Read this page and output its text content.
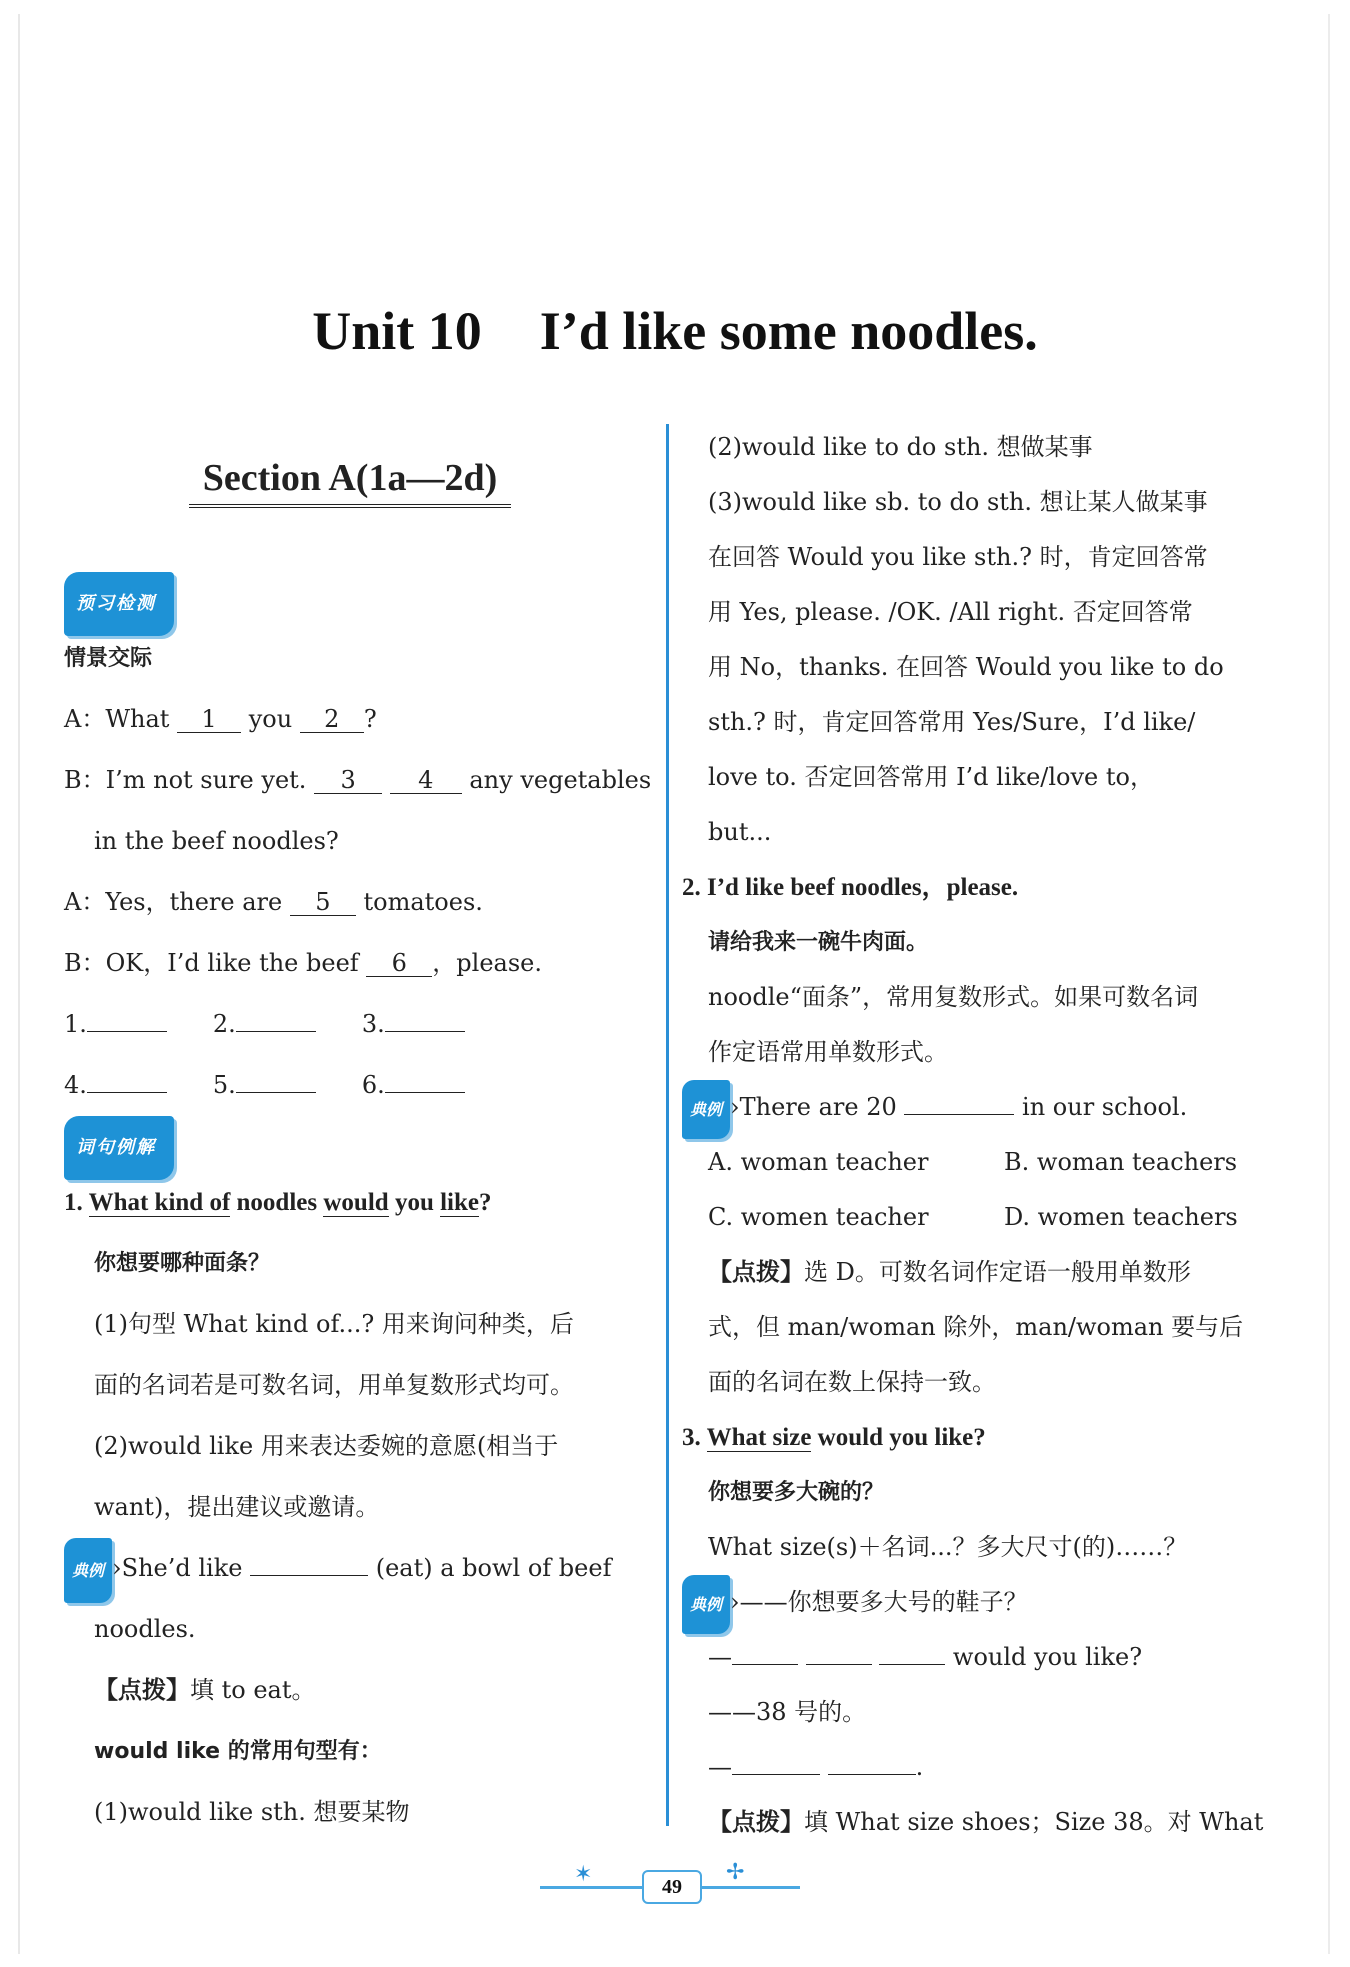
Unit 10 I’d like some noodles.
Section A(1a—2d)
预习检测
情景交际
A：What 1 you 2 ?
B：I’m not sure yet. 3	4 any vegetables
in the beef noodles?
A：Yes，there are 5 tomatoes.
B：OK，I’d like the beef 6 ，please.
1.	2.	3.
4.	5.	6.
词句例解
1. What kind of noodles would you like?
你想要哪种面条？
(1)句型 What kind of...? 用来询问种类，后
面的名词若是可数名词，用单复数形式均可。
(2)would like 用来表达委婉的意愿(相当于
want)，提出建议或邀请。
典例 ›She’d like	(eat) a bowl of beef
noodles.
【点拨】填 to eat。
would like 的常用句型有：
(1)would like sth. 想要某物
(2)would like to do sth. 想做某事
(3)would like sb. to do sth. 想让某人做某事
在回答 Would you like sth.? 时，肯定回答常
用 Yes, please. /OK. /All right. 否定回答常
用 No，thanks. 在回答 Would you like to do
sth.? 时，肯定回答常用 Yes/Sure，I’d like/
love to. 否定回答常用 I’d like/love to，
but...
2. I’d like beef noodles，please.
请给我来一碗牛肉面。
noodle“面条”，常用复数形式。如果可数名词
作定语常用单数形式。
典例 ›There are 20	in our school.
A. woman teacher	B. woman teachers
C. women teacher	D. women teachers
【点拨】选 D。可数名词作定语一般用单数形
式，但 man/woman 除外，man/woman 要与后
面的名词在数上保持一致。
3. What size would you like?
你想要多大碗的？
What size(s)＋名词...？多大尺寸(的)……？
典例 ›——你想要多大号的鞋子？
—	would you like?
——38 号的。
—	.
【点拨】填 What size shoes；Size 38。对 What
✶	✢
49
